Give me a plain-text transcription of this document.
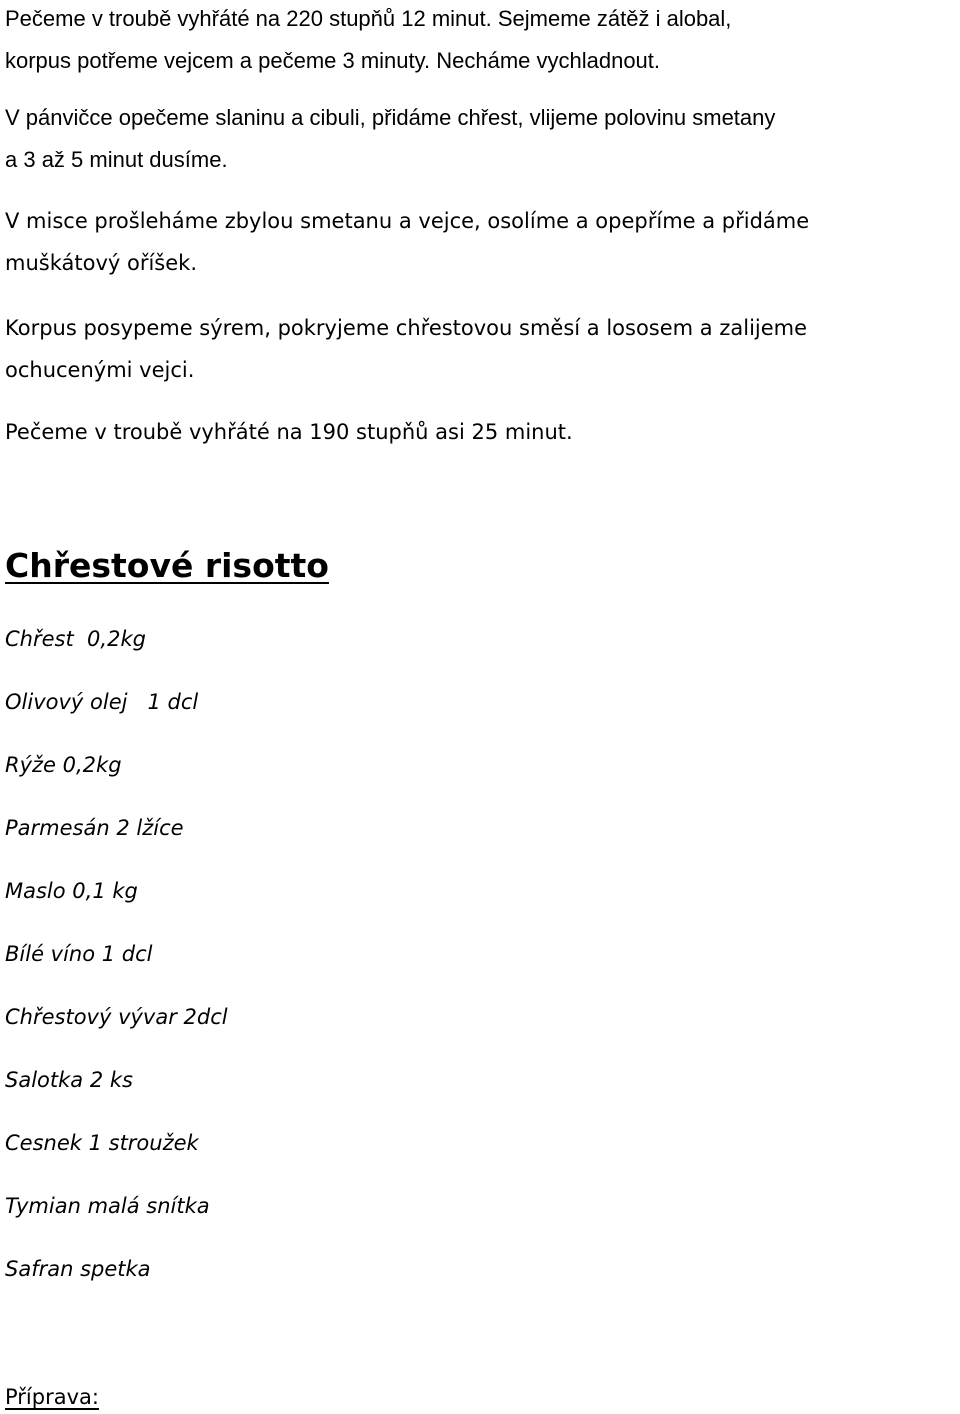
Pečeme v troubě vyhřáté na 220 stupňů 12 minut. Sejmeme zátěž i alobal,
korpus potřeme vejcem a pečeme 3 minuty. Necháme vychladnout.

V pánvičce opečeme slaninu a cibuli, přidáme chřest, vlijeme polovinu smetany
a 3 až 5 minut dusíme.

V misce prošleháme zbylou smetanu a vejce, osolíme a opepříme a přidáme
muškátový oříšek.

Korpus posypeme sýrem, pokryjeme chřestovou směsí a lososem a zalijeme
ochucenými vejci.

Pečeme v troubě vyhřáté na 190 stupňů asi 25 minut.

Chřestové risotto

Chřest  0,2kg

Olivový olej   1 dcl

Rýže 0,2kg

Parmesán 2 lžíce

Maslo 0,1 kg

Bílé víno 1 dcl

Chřestový vývar 2dcl

Salotka 2 ks

Cesnek 1 stroužek

Tymian malá snítka

Safran spetka

Příprava:
